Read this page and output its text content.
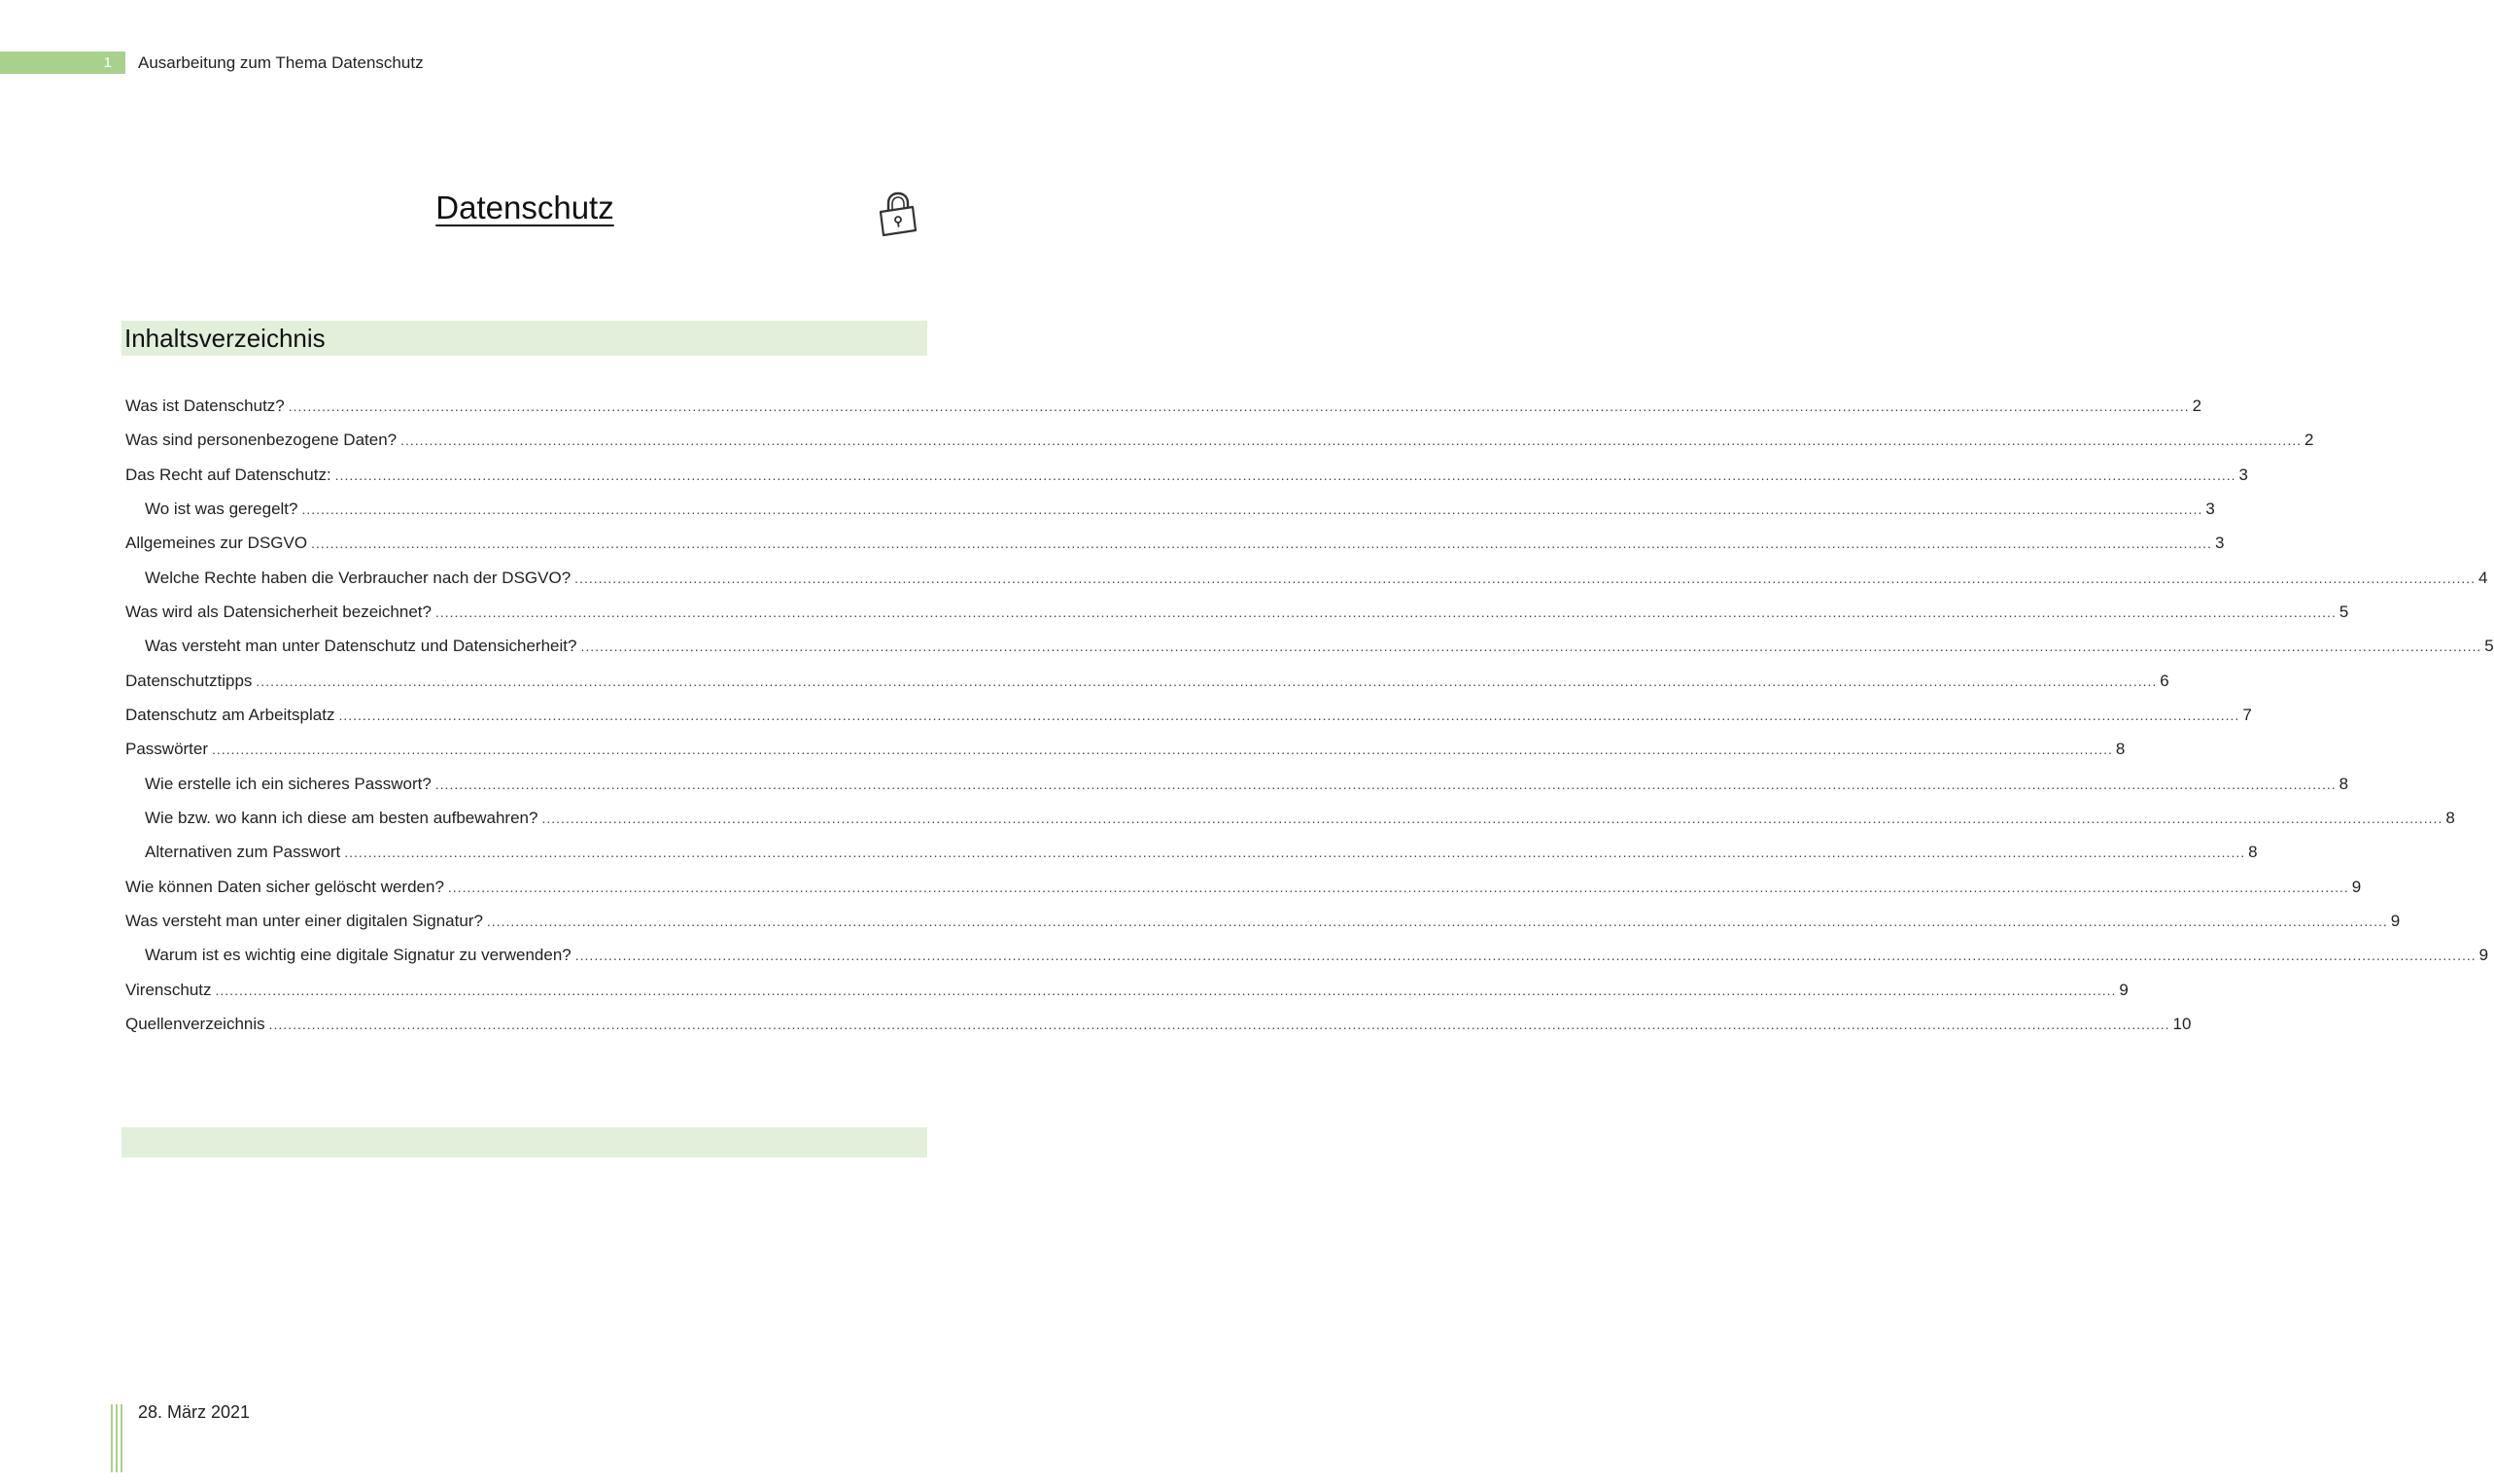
1	Ausarbeitung zum Thema Datenschutz
Datenschutz
Inhaltsverzeichnis
Was ist Datenschutz? ................................................................................................................................................................................................................................................................................................................................................................................................................ 2
Was sind personenbezogene Daten? ................................................................................................................................................................................................................................................................................................................................................................................................................ 2
Das Recht auf Datenschutz: ................................................................................................................................................................................................................................................................................................................................................................................................................ 3
Wo ist was geregelt? ................................................................................................................................................................................................................................................................................................................................................................................................................ 3
Allgemeines zur DSGVO ................................................................................................................................................................................................................................................................................................................................................................................................................ 3
Welche Rechte haben die Verbraucher nach der DSGVO? ................................................................................................................................................................................................................................................................................................................................................................................................................ 4
Was wird als Datensicherheit bezeichnet? ................................................................................................................................................................................................................................................................................................................................................................................................................ 5
Was versteht man unter Datenschutz und Datensicherheit? ................................................................................................................................................................................................................................................................................................................................................................................................................ 5
Datenschutztipps ................................................................................................................................................................................................................................................................................................................................................................................................................ 6
Datenschutz am Arbeitsplatz ................................................................................................................................................................................................................................................................................................................................................................................................................ 7
Passwörter ................................................................................................................................................................................................................................................................................................................................................................................................................ 8
Wie erstelle ich ein sicheres Passwort? ................................................................................................................................................................................................................................................................................................................................................................................................................ 8
Wie bzw. wo kann ich diese am besten aufbewahren? ................................................................................................................................................................................................................................................................................................................................................................................................................ 8
Alternativen zum Passwort ................................................................................................................................................................................................................................................................................................................................................................................................................ 8
Wie können Daten sicher gelöscht werden? ................................................................................................................................................................................................................................................................................................................................................................................................................ 9
Was versteht man unter einer digitalen Signatur? ................................................................................................................................................................................................................................................................................................................................................................................................................ 9
Warum ist es wichtig eine digitale Signatur zu verwenden? ................................................................................................................................................................................................................................................................................................................................................................................................................ 9
Virenschutz ................................................................................................................................................................................................................................................................................................................................................................................................................ 9
Quellenverzeichnis ................................................................................................................................................................................................................................................................................................................................................................................................................ 10
28. März 2021
